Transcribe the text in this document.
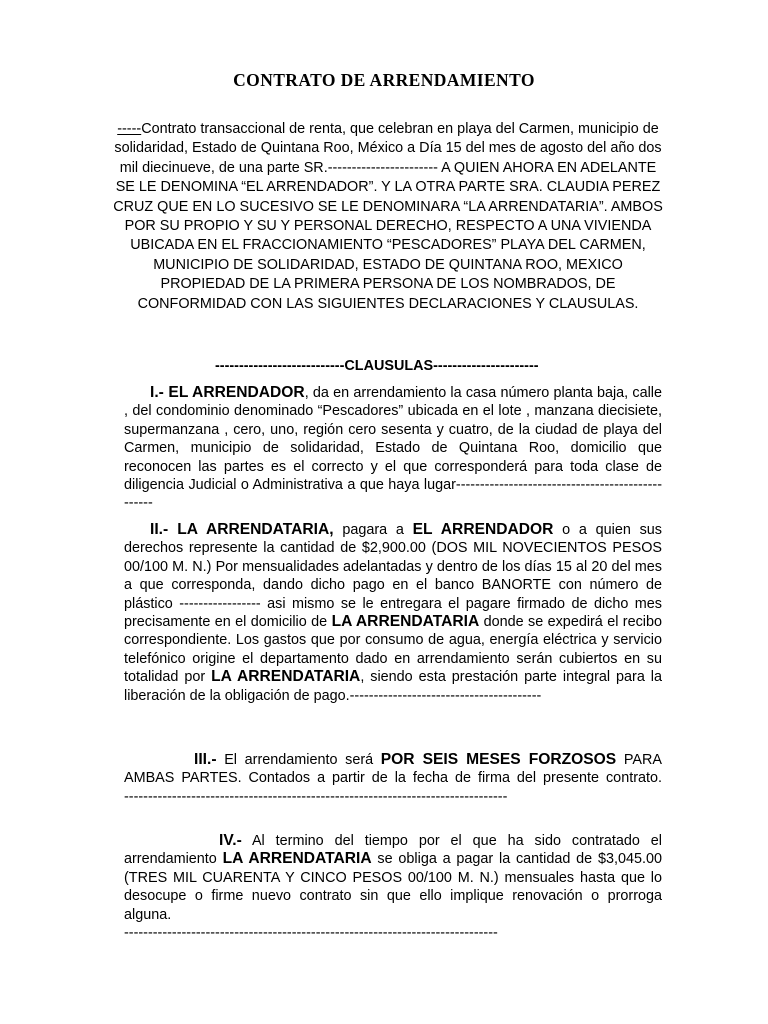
CONTRATO DE ARRENDAMIENTO
-----Contrato transaccional de renta, que celebran en playa del Carmen, municipio de solidaridad, Estado de Quintana Roo, México a Día 15 del mes de agosto del año dos mil diecinueve, de una parte SR.----------------------- A QUIEN AHORA EN ADELANTE SE LE DENOMINA “EL ARRENDADOR”. Y LA OTRA PARTE SRA. CLAUDIA PEREZ CRUZ QUE EN LO SUCESIVO SE LE DENOMINARA “LA ARRENDATARIA”. AMBOS POR SU PROPIO Y SU Y PERSONAL DERECHO, RESPECTO A UNA VIVIENDA UBICADA EN EL FRACCIONAMIENTO “PESCADORES” PLAYA DEL CARMEN, MUNICIPIO DE SOLIDARIDAD, ESTADO DE QUINTANA ROO, MEXICO PROPIEDAD DE LA PRIMERA PERSONA DE LOS NOMBRADOS, DE CONFORMIDAD CON LAS SIGUIENTES DECLARACIONES Y CLAUSULAS.
---------------------------CLAUSULAS----------------------
I.- EL ARRENDADOR, da en arrendamiento la casa número planta baja, calle , del condominio denominado “Pescadores” ubicada en el lote , manzana diecisiete, supermanzana , cero, uno, región cero sesenta y cuatro, de la ciudad de playa del Carmen, municipio de solidaridad, Estado de Quintana Roo, domicilio que reconocen las partes es el correcto y el que corresponderá para toda clase de diligencia Judicial o Administrativa a que haya lugar-------------------------------------------------
II.- LA ARRENDATARIA, pagara a EL ARRENDADOR o a quien sus derechos represente la cantidad de $2,900.00 (DOS MIL NOVECIENTOS PESOS 00/100 M. N.) Por mensualidades adelantadas y dentro de los días 15 al 20 del mes a que corresponda, dando dicho pago en el banco BANORTE con número de plástico ----------------- asi mismo se le entregara el pagare firmado de dicho mes precisamente en el domicilio de LA ARRENDATARIA donde se expedirá el recibo correspondiente. Los gastos que por consumo de agua, energía eléctrica y servicio telefónico origine el departamento dado en arrendamiento serán cubiertos en su totalidad por LA ARRENDATARIA, siendo esta prestación parte integral para la liberación de la obligación de pago.----------------------------------------
III.- El arrendamiento será POR SEIS MESES FORZOSOS PARA AMBAS PARTES. Contados a partir de la fecha de firma del presente contrato.
--------------------------------------------------------------------------------
IV.- Al termino del tiempo por el que ha sido contratado el arrendamiento LA ARRENDATARIA se obliga a pagar la cantidad de $3,045.00 (TRES MIL CUARENTA Y CINCO PESOS 00/100 M. N.) mensuales hasta que lo desocupe o firme nuevo contrato sin que ello implique renovación o prorroga alguna.
------------------------------------------------------------------------------
